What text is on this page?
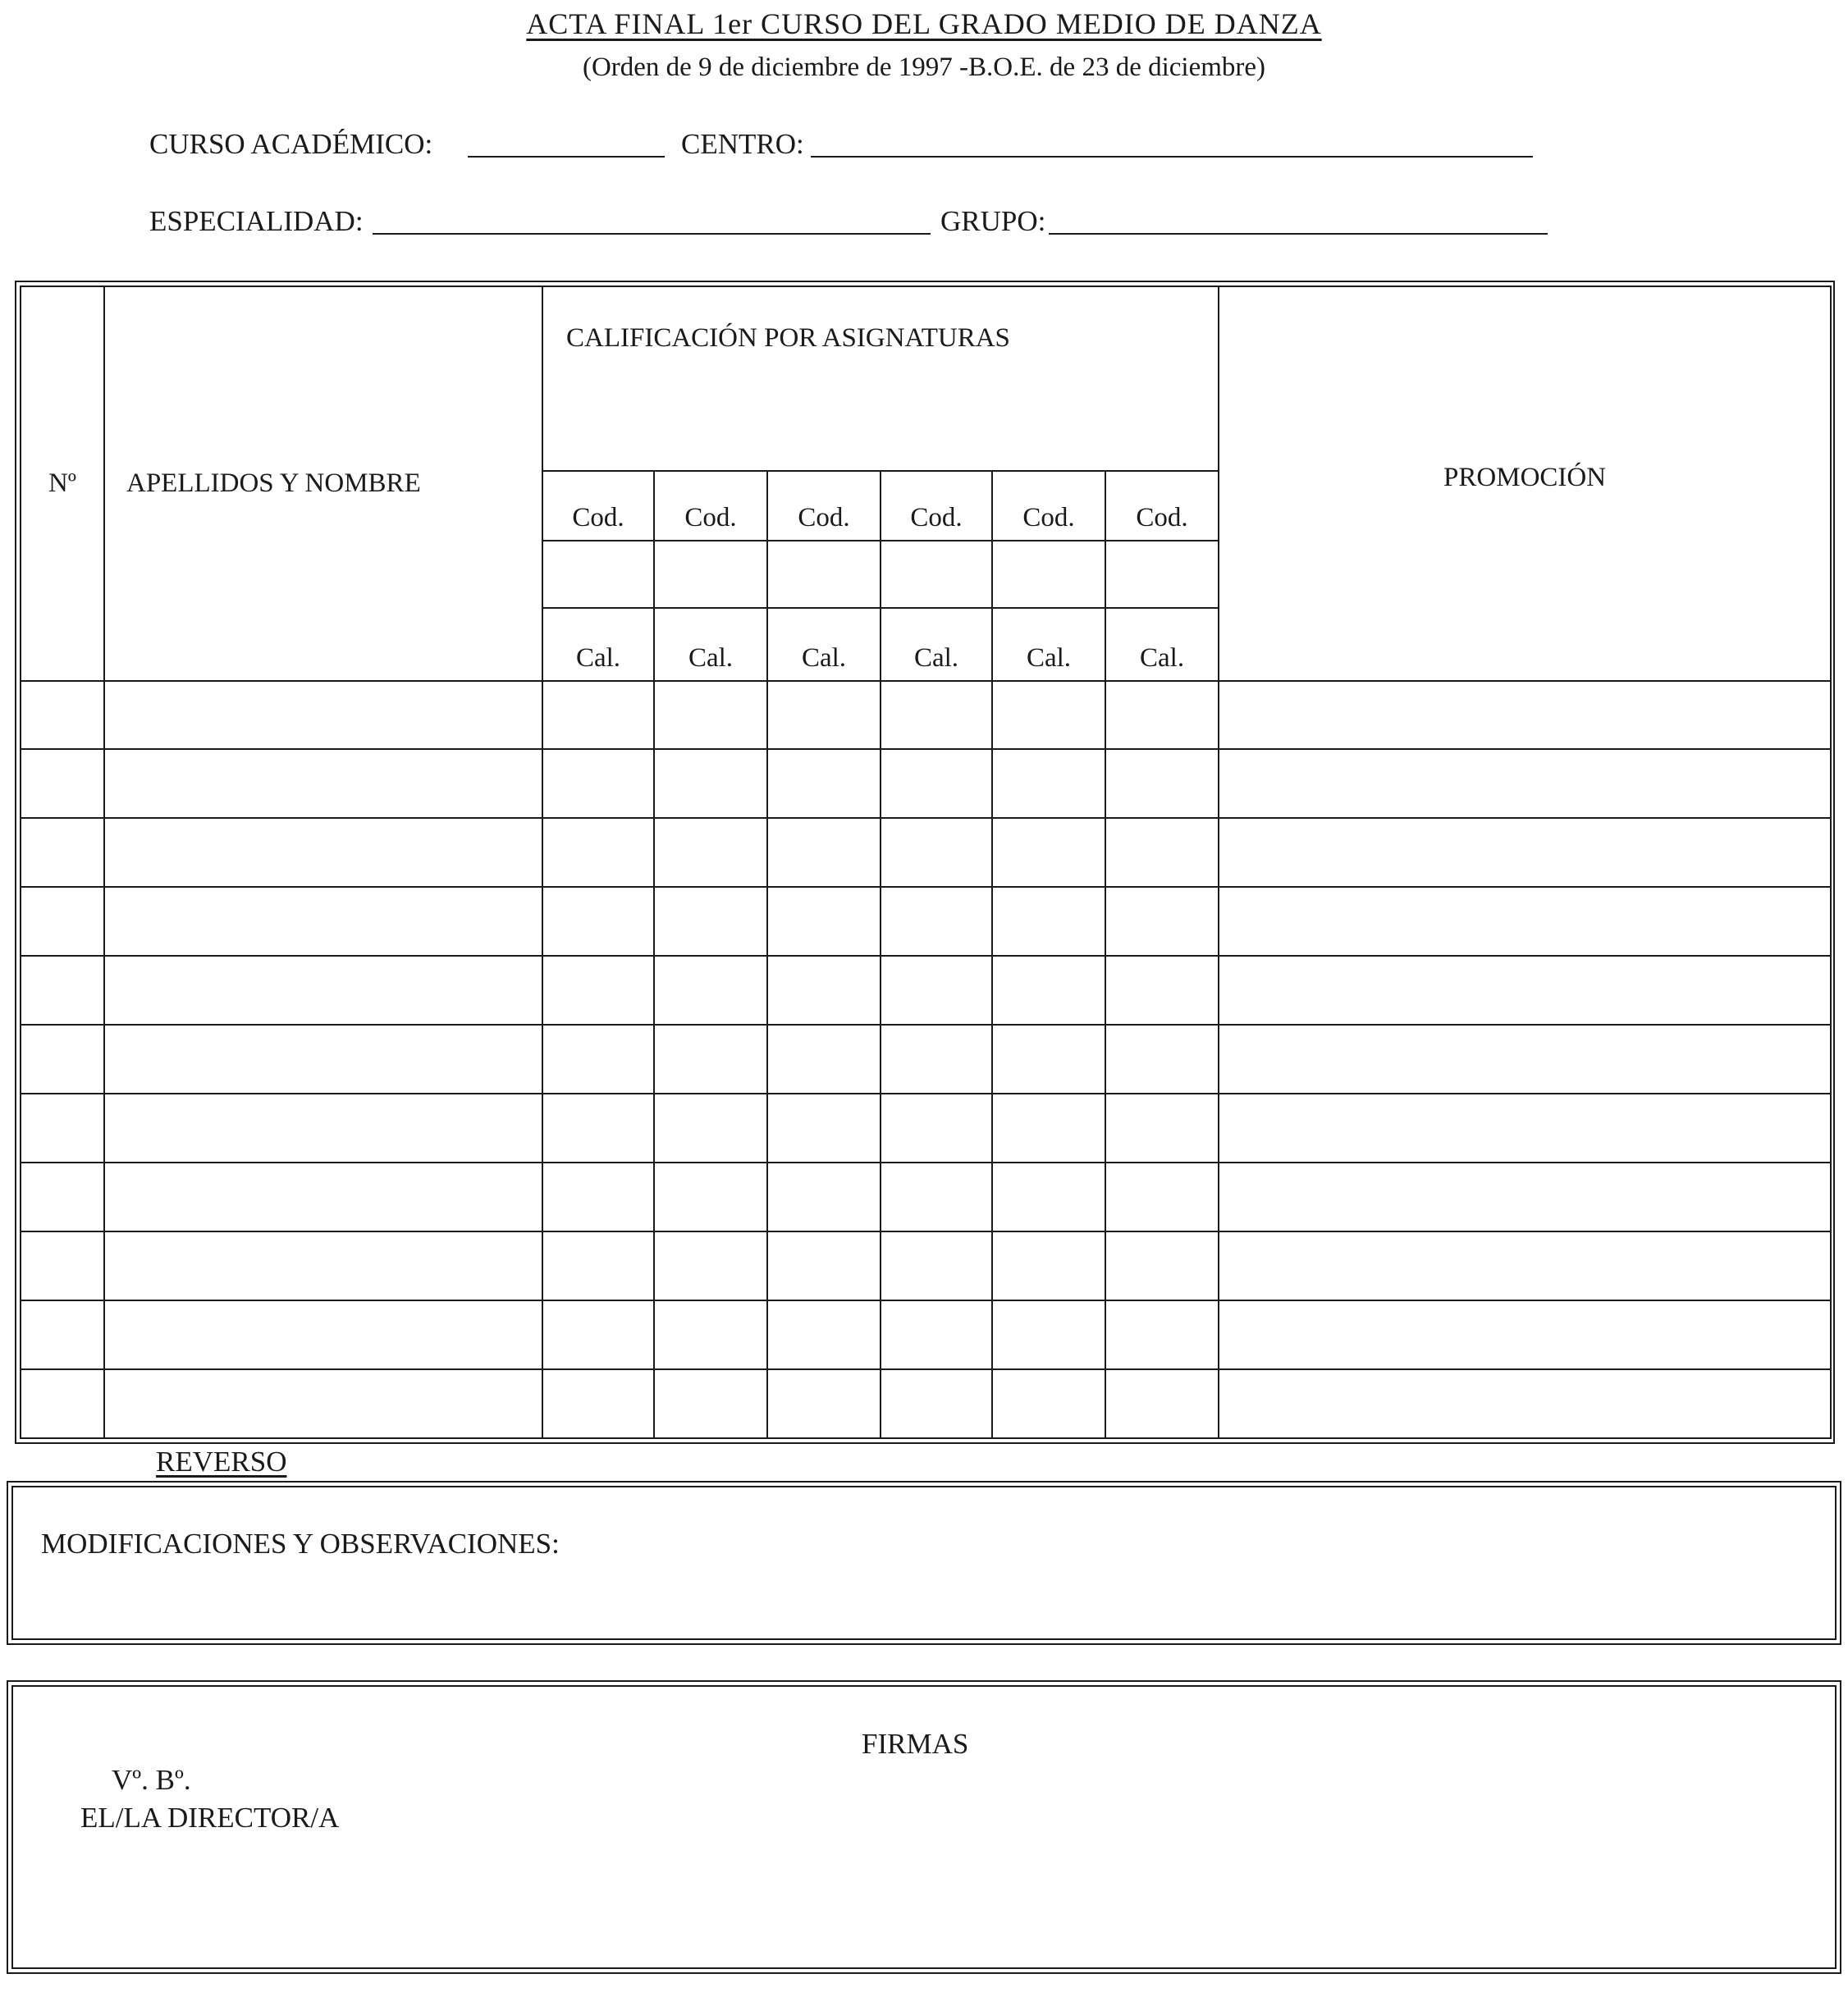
ACTA FINAL 1er CURSO DEL GRADO MEDIO DE DANZA
(Orden de 9 de diciembre de 1997 -B.O.E. de 23 de diciembre)
CURSO ACADÉMICO:	CENTRO:
ESPECIALIDAD:	GRUPO:
Nº	APELLIDOS Y NOMBRE	CALIFICACIÓN POR ASIGNATURAS						PROMOCIÓN
		Cod.	Cod.	Cod.	Cod.	Cod.	Cod.	

		Cal.	Cal.	Cal.	Cal.	Cal.	Cal.	

REVERSO
MODIFICACIONES Y OBSERVACIONES:
FIRMAS
Vº. Bº.
EL/LA DIRECTOR/A
